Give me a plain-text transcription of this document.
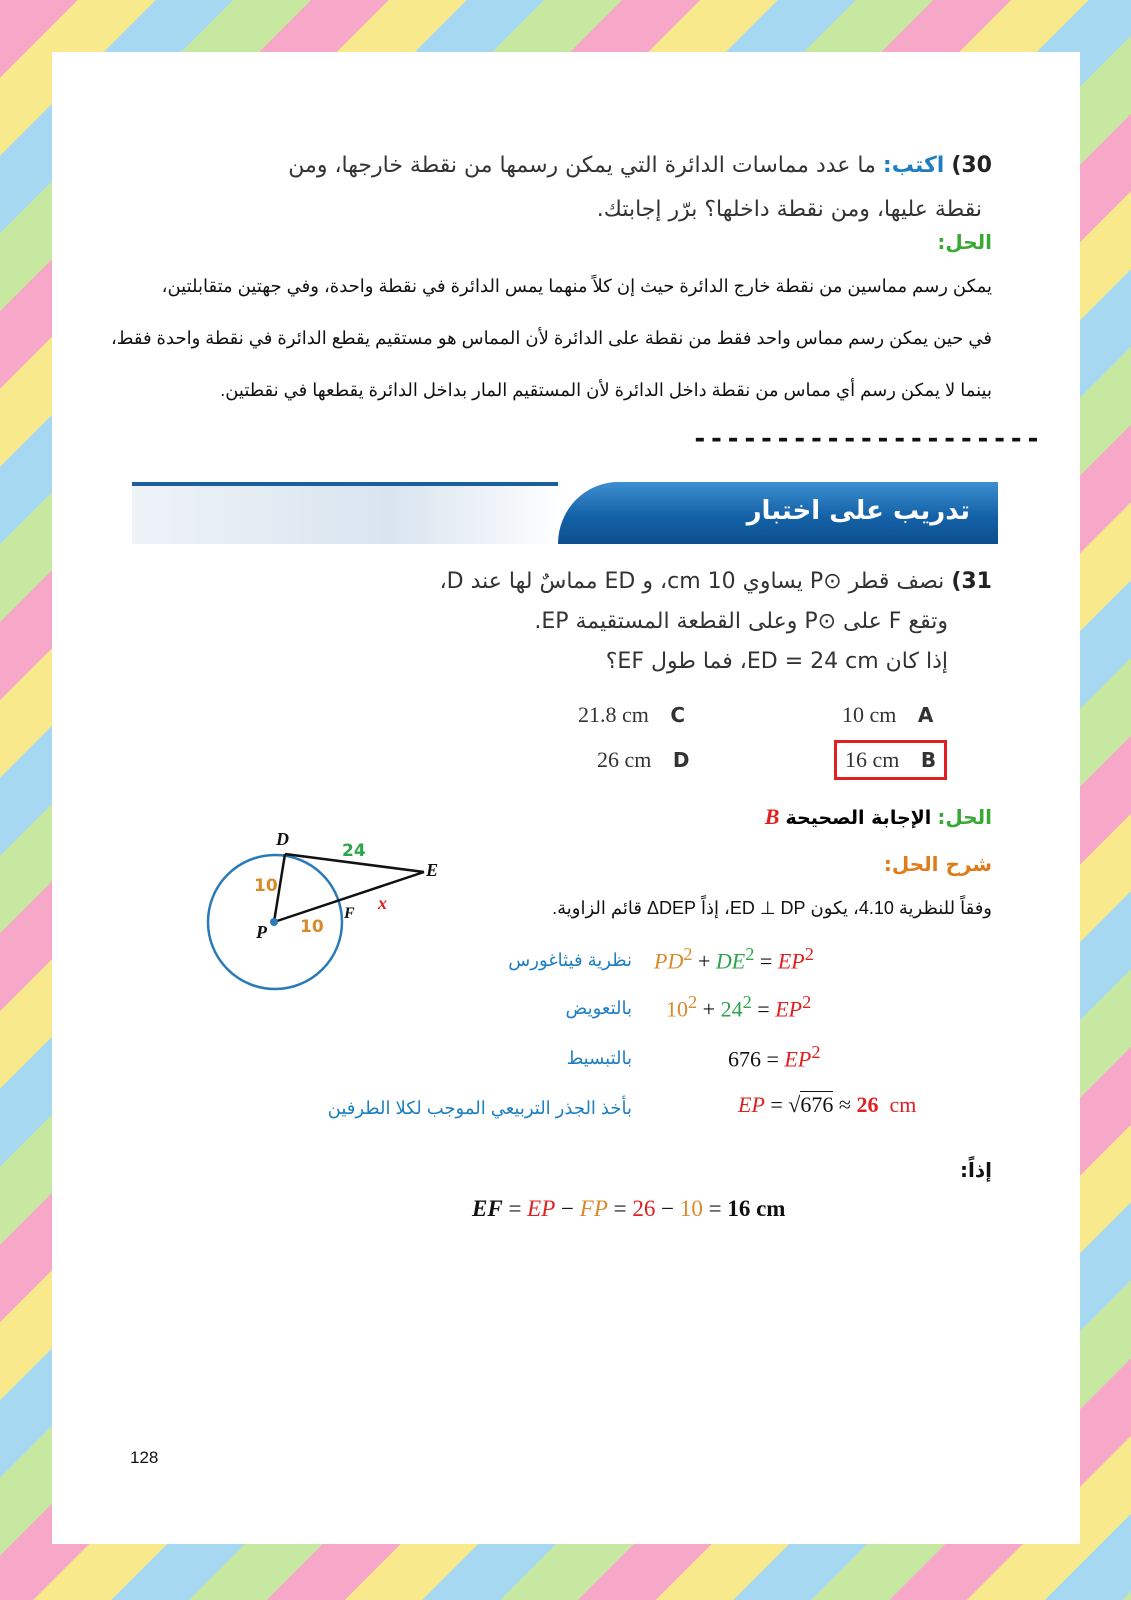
30) اكتب: ما عدد مماسات الدائرة التي يمكن رسمها من نقطة خارجها، ومن
نقطة عليها، ومن نقطة داخلها؟ برّر إجابتك.
الحل:
يمكن رسم مماسين من نقطة خارج الدائرة حيث إن كلاً منهما يمس الدائرة في نقطة واحدة، وفي جهتين متقابلتين،
في حين يمكن رسم مماس واحد فقط من نقطة على الدائرة لأن المماس هو مستقيم يقطع الدائرة في نقطة واحدة فقط،
بينما لا يمكن رسم أي مماس من نقطة داخل الدائرة لأن المستقيم المار بداخل الدائرة يقطعها في نقطتين.
---------------------
تدريب على اختبار
31) نصف قطر ⊙P يساوي 10 cm، و ED مماسٌ لها عند D،
وتقع F على ⊙P وعلى القطعة المستقيمة EP.
إذا كان ED = 24 cm، فما طول EF؟
10 cm A
16 cm B
21.8 cm C
26 cm D
الحل: الإجابة الصحيحة B
شرح الحل:
وفقاً للنظرية 4.10، يكون ED ⊥ DP، إذاً ΔDEP قائم الزاوية.
D
E
P
F
x
24
10
10
$PD^2 + DE^2 = EP^2$
نظرية فيثاغورس
$10^2 + 24^2 = EP^2$
بالتعويض
$676 = EP^2$
بالتبسيط
EP = √676 ≈ 26 cm
بأخذ الجذر التربيعي الموجب لكلا الطرفين
إذاً:
EF = EP − FP = 26 − 10 = 16 cm
128
